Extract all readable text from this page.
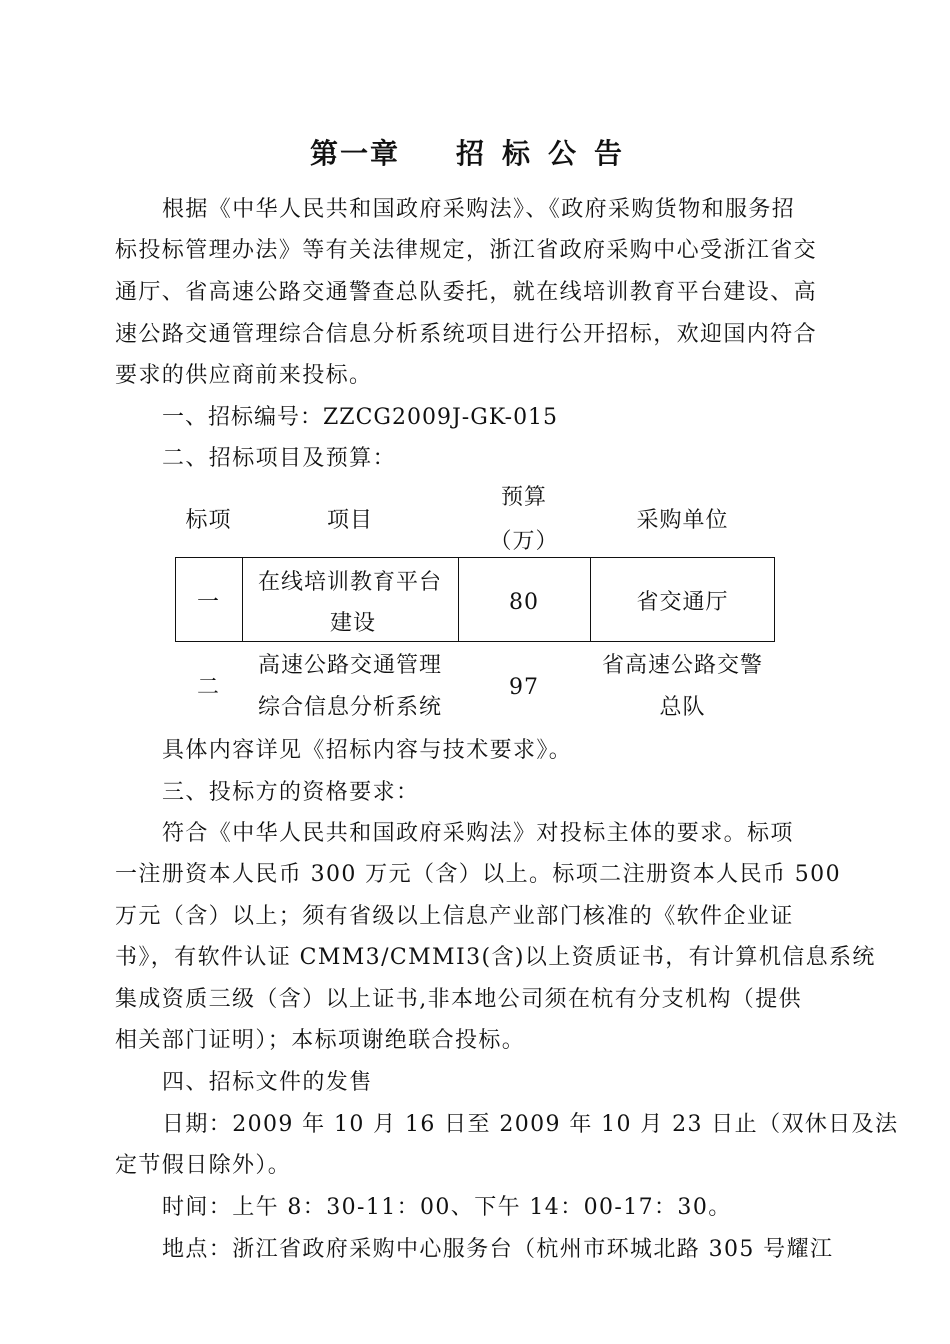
第一章 招标公告
根据《中华人民共和国政府采购法》、《政府采购货物和服务招
标投标管理办法》等有关法律规定，浙江省政府采购中心受浙江省交
通厅、省高速公路交通警查总队委托，就在线培训教育平台建设、高
速公路交通管理综合信息分析系统项目进行公开招标，欢迎国内符合
要求的供应商前来投标。
一、招标编号：ZZCG2009J-GK-015
二、招标项目及预算：
标项	项目
预算
（万）
采购单位
一
在线培训教育平台
建设
80	省交通厅
二
高速公路交通管理
综合信息分析系统
97
省高速公路交警
总队
具体内容详见《招标内容与技术要求》。
三、投标方的资格要求：
符合《中华人民共和国政府采购法》对投标主体的要求。标项
一注册资本人民币 300 万元（含）以上。标项二注册资本人民币 500
万元（含）以上；须有省级以上信息产业部门核准的《软件企业证
书》，有软件认证 CMM3/CMMI3(含)以上资质证书，有计算机信息系统
集成资质三级（含）以上证书,非本地公司须在杭有分支机构（提供
相关部门证明）；本标项谢绝联合投标。
四、招标文件的发售
日期：2009 年 10 月 16 日至 2009 年 10 月 23 日止（双休日及法
定节假日除外）。
时间：上午 8：30-11：00、下午 14：00-17：30。
地点：浙江省政府采购中心服务台（杭州市环城北路 305 号耀江
